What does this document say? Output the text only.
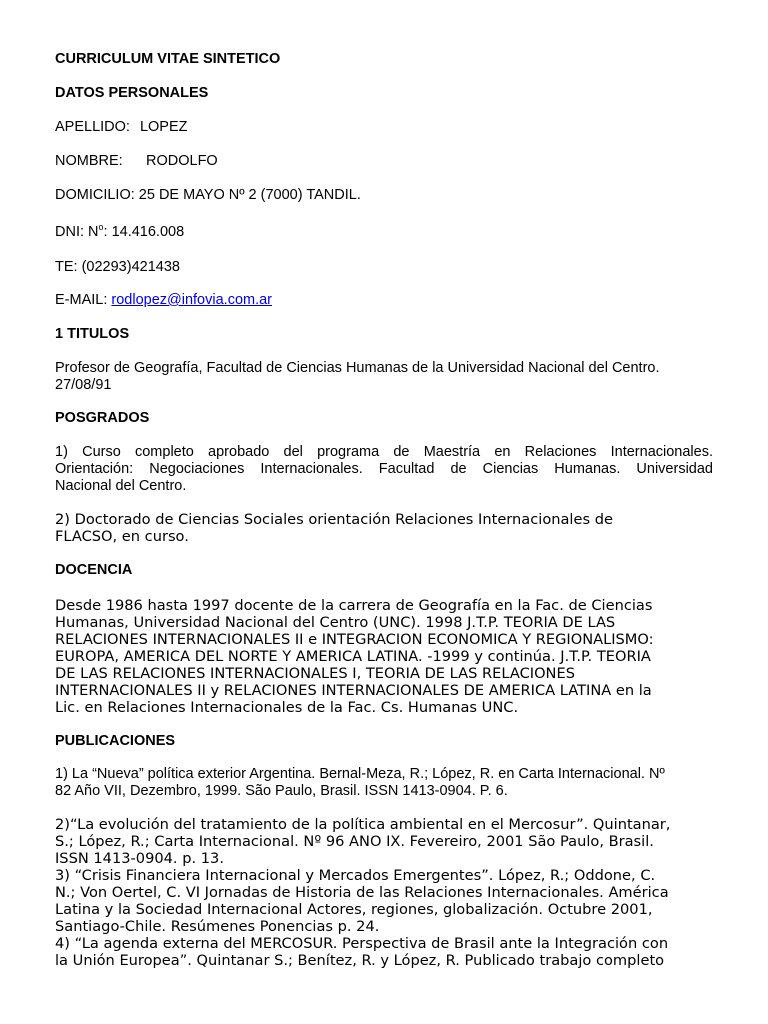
CURRICULUM VITAE SINTETICO
DATOS PERSONALES
APELLIDO: LOPEZ
NOMBRE: RODOLFO
DOMICILIO: 25 DE MAYO Nº 2 (7000) TANDIL.
DNI: $N^o$: 14.416.008
TE: (02293)421438
E-MAIL: rodlopez@infovia.com.ar
1 TITULOS
Profesor de Geografía, Facultad de Ciencias Humanas de la Universidad Nacional del Centro.
27/08/91
POSGRADOS
1) Curso completo aprobado del programa de Maestría en Relaciones Internacionales.
Orientación: Negociaciones Internacionales. Facultad de Ciencias Humanas. Universidad
Nacional del Centro.
2) Doctorado de Ciencias Sociales orientación Relaciones Internacionales de
FLACSO, en curso.
DOCENCIA
Desde 1986 hasta 1997 docente de la carrera de Geografía en la Fac. de Ciencias
Humanas, Universidad Nacional del Centro (UNC). 1998 J.T.P. TEORIA DE LAS
RELACIONES INTERNACIONALES II e INTEGRACION ECONOMICA Y REGIONALISMO:
EUROPA, AMERICA DEL NORTE Y AMERICA LATINA. -1999 y continúa. J.T.P. TEORIA
DE LAS RELACIONES INTERNACIONALES I, TEORIA DE LAS RELACIONES
INTERNACIONALES II y RELACIONES INTERNACIONALES DE AMERICA LATINA en la
Lic. en Relaciones Internacionales de la Fac. Cs. Humanas UNC.
PUBLICACIONES
1) La “Nueva” política exterior Argentina. Bernal-Meza, R.; López, R. en Carta Internacional. Nº
82 Año VII, Dezembro, 1999. São Paulo, Brasil. ISSN 1413-0904. P. 6.
2)“La evolución del tratamiento de la política ambiental en el Mercosur”. Quintanar,
S.; López, R.; Carta Internacional. Nº 96 ANO IX. Fevereiro, 2001 São Paulo, Brasil.
ISSN 1413-0904. p. 13.
3) “Crisis Financiera Internacional y Mercados Emergentes”. López, R.; Oddone, C.
N.; Von Oertel, C. VI Jornadas de Historia de las Relaciones Internacionales. América
Latina y la Sociedad Internacional Actores, regiones, globalización. Octubre 2001,
Santiago-Chile. Resúmenes Ponencias p. 24.
4) “La agenda externa del MERCOSUR. Perspectiva de Brasil ante la Integración con
la Unión Europea”. Quintanar S.; Benítez, R. y López, R. Publicado trabajo completo
